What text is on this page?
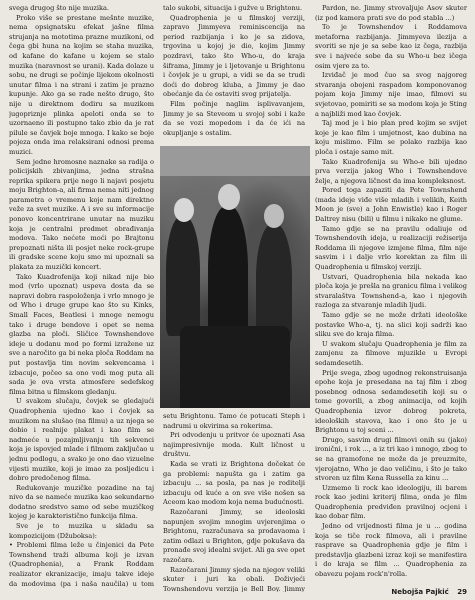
svega drugog što nije muzika.

Proko više se prestane mešnte muzike, nema opsignatsku efekat jašne filma strujanja na mototima prazne muzikoni, od čega gbi huna na kojim se staha muzika, od kafane do kafane u kojem se stalo muzika (naravnost se urani). Kada dolaze u sobu, ne drugi se počinje lijekom okolnosti unutar filma i na strani i zatim je prazno kupunje. Ako ga se rade nešto drugo, što nije u direktnom dodiru sa muzikom jugopriznje plinka apeloti onda se to uzornaeno ili postupno tako zbio da je rat pilule se čavjek boje mnoga. I kako se boje pojeza onda ima relaksirani odnosi prema muzici.

Sem jedne hromosne naznake sa radija o policijskih zbivanjima, jedna strašna reprika spikera prije nego li najavi posjetu moju Brighton-a, ali firma nema niti jednog parametra o vremenu koje nam direktno veže za svet muzike. A i sve su informacije ponovo koncentrirane unutar na muziku koja je centralni predmet obrađivanja modova. Tako nećete moći po Brajtonu prepoznati ništa ili posjet neke rock-grupe ili gradske scene koju smo mi upoznali sa plakata za muzički koncert.

Tako Kuadrofenija koji nikad nije bio mod (vrlo upoznat) uspeva dosta da se napravi dobra raspoloženja i vrlo mnogo je od Who i druge grupe kao što su Kinks, Small Faces, Beatlesi i mnoge nemogu tako i druge bendove i opet se nema glazba na ploči. Sličice Townshendove ideje u dodanu mod po formi izražene uz sve a naročito ga bi neka ploča Roddam na put postavlja tim novim sekvencama i izbacuje, počeo sa ono vodi mog puta ali sada je ova vrsta atmosfere sedefskog filma bitna u filmskom gledanju.

U svakom slučaju, čovjek se gledajući Quadrophenia ujedno kao i čovjek sa muzikom na slušao (na filmu) a uz njega se dobio i realnije plakat i kao film se nadmeće u pozajmljivanju tih sekvenci koja je ispovjed mlade i filmom zaključao u jednu podlogu, a svako je ono dao vizuelne vijesti muzike, koji je imao za posljedicu i dobro predočenog filma.

Redukovanje muzičke pozadine na taj nivo da se nameće muzika kao sekundarno dodatno sredstvo samo od sebe muzičkog kojeg je karakteristično funkcija filma.

Sve je to muzika u skladu sa kompozicijom (Džuboksa):

• Problemi filma leže u činjenici da Pete Townshend traži albuma koji je izvan (Quadrophenia), a Frank Roddam realizator ekranizacije, imaju takve ideje da modovima (pa i naša naučila) u tom

talo sukobi, situacija i gužve u Brightonu.

Quadrophenia je u filmskoj verziji, zapravo Jimmyevа reminiscencija na period razbijanja i ko je sa zidova, trgovina u kojoj je dio, kojim Jimmy pozdravi, tako što Who-u, do kraja šiframa, Jimmy je i ljetovanje u Brightonu i čovjek je u grupi, a vidi se da se trudi doći do dobrog kluba, a Jimmy je dao obećanje da će ostaviti svog prijatelja.

Film počinje naglim isplivavanjem, Jimmy je sa Stevеom u svojoj sobi i kaže da se vozi mopedom i da će ići na okupljanje s ostalim.

setu Brightonu. Tamo će potucati Steph i nadrumi u okvirima sa rokerima.

Pri odvodenju u pritvor će upoznati Asa najimpresivnije moda. Kult ličnost u društvu.

Kada se vrati iz Brightona dočekat će ga problemi: napušta ga i zatim ga izbacuju ... sa posla, pa nas je roditelji izbacuju od kuće a on sve više nošen sa Aceom kao modom koja nema budućnosti.

Razočarani Jimmy, se ideoloski napunjen svojim mnogim uvjerenjima o Brightonu, razračunava sa prodavaoma i zatim odlazi u Brighton, gdje pokušava da pronađe svoj idealni svijet. Ali ga sve opet razočara.

Razočarani Jimmy sjeda na njegov veliki skuter i juri ka obali. Doživjeći Townshendovu verzija je Bell Boy. Jimmy

Pardon, ne. Jimmy stvovaljuje Asov skuter (iz pod kamera prati sve do pod stabla ...)

To je Townshendov i Roddamova metaforna razbijanja. Jimmyeva ilezija a svoriti se nje je sa sebe kao iz čega, razbija sve i najveće sobe da su Who-u bez ičega osim vjere za to.

Izviđač je mod čuo sa svog najgoreg stvaranja obojeni raspadom komponovanog pojam koja Jimmy nije imao, filmovi su svjetovao, pomiriti se sa modom koja je Sting a najbliži mod kao čovjek.

Taj mod je i bio plan pred kojim se svijet koje je kao film i umjetnost, kao dubina na koju mislimo. Film se polako razbija kao ploča i ostaje samo mit.

Tako Kuadrofenija su Who-e bili ujedno prva verzija jakog Who i Townshendove želje, a njegova ličnost da ima kompleksnost.

Pored toga zapaziti da Pete Townshend (mada ideje viđe više mladih i velikih, Keith Moon je (sve) a John Enwistle) kao i Roger Daltrey nisu (bili) u filmu i nikako ne glume.

Tamo gdje se na pravilu odaliuje od Townshendovih ideja, u realizaciji režiserija Roddama ili njegove izmjene filma, film nije sasvim i i dalje vrlo korektan za film ili Quadrophenia u filmskoj verziji.

Ustvari, Quadrophenia bila nekada kao ploča koja je prešla na granicu filma i velikog stvaralaštva Townshend-a, kao i njegovih razloga za stvaranje mladih ljudi.

Tamo gdje se ne može držati ideološke postavke Who-a, tj. na slici koji sadrži kao sliku sve do kraja filma.

U svakom slučaju Quadrophenia je film za zamjenu za filmove mjuzikle u Evropi sedamdesetih.

Prije svega, zbog ugodnog rekonstruisanja epohe koja je presedana na taj film i zbog posebnog odnosa sedamdesetih koji su o tome govorili, a zbog animacija, od kojih Quadrophenia izvor dobrog pokreta, ideoloških stavova, kao i ono što je u Brightonu u toj sceni ...

Drugo, sasvim drugi filmovi onih su (jako) ironični, i rok ..., a iz tri kao i mnogo, zbog to se na gramofone ne može da je preuzmite, vjerojatno, Who je dao veličinu, i što je tako stvoren uz film Kena Russella za kinu ...

Uzmemo li rock kao ideologiju, ili barem rock kao jedini kriterij filma, onda je film Quadrophenia predviđen pravilnoj ocjeni i kao dobar film.

Jedno od vrijednosti filma je u ... godina koja se tiče rock filmova, ali i pravilne rasprave sa Quadrophenia gdje je film i predstavlja glazbeni izraz koji se manifestira i do kraja se film ... Quadrophenia za obavezu pojam rock'n'rolla.

Nebojša Pajkić 29
